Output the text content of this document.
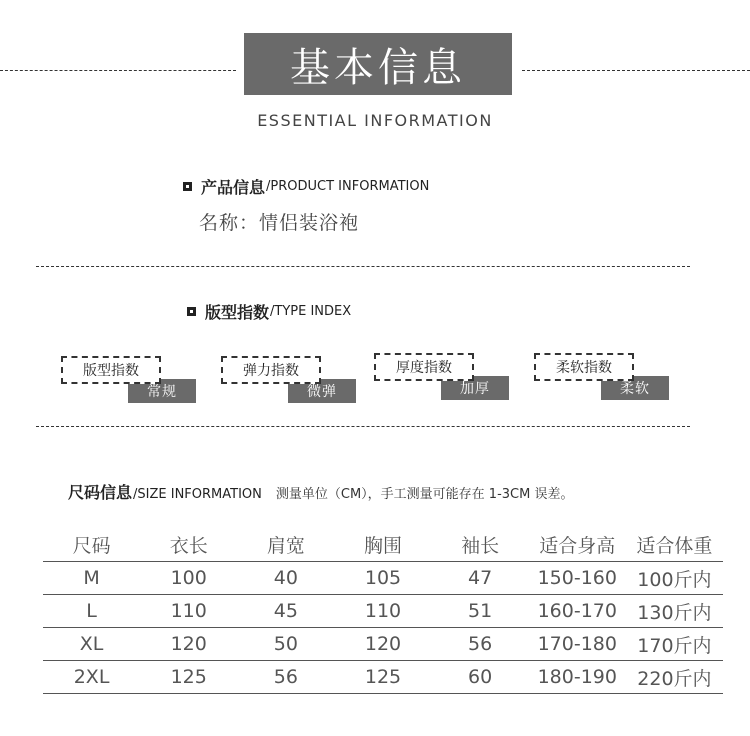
基本信息
ESSENTIAL INFORMATION
产品信息 /PRODUCT INFORMATION
名称：情侣装浴袍
版型指数 /TYPE INDEX
版型指数
常规
弹力指数
微弹
厚度指数
加厚
柔软指数
柔软
尺码信息 /SIZE INFORMATION 测量单位（CM），手工测量可能存在 1-3CM 误差。
尺码	衣长	肩宽	胸围	袖长	适合身高	适合体重
M	100	40	105	47	150-160	100斤内
L	110	45	110	51	160-170	130斤内
XL	120	50	120	56	170-180	170斤内
2XL	125	56	125	60	180-190	220斤内
